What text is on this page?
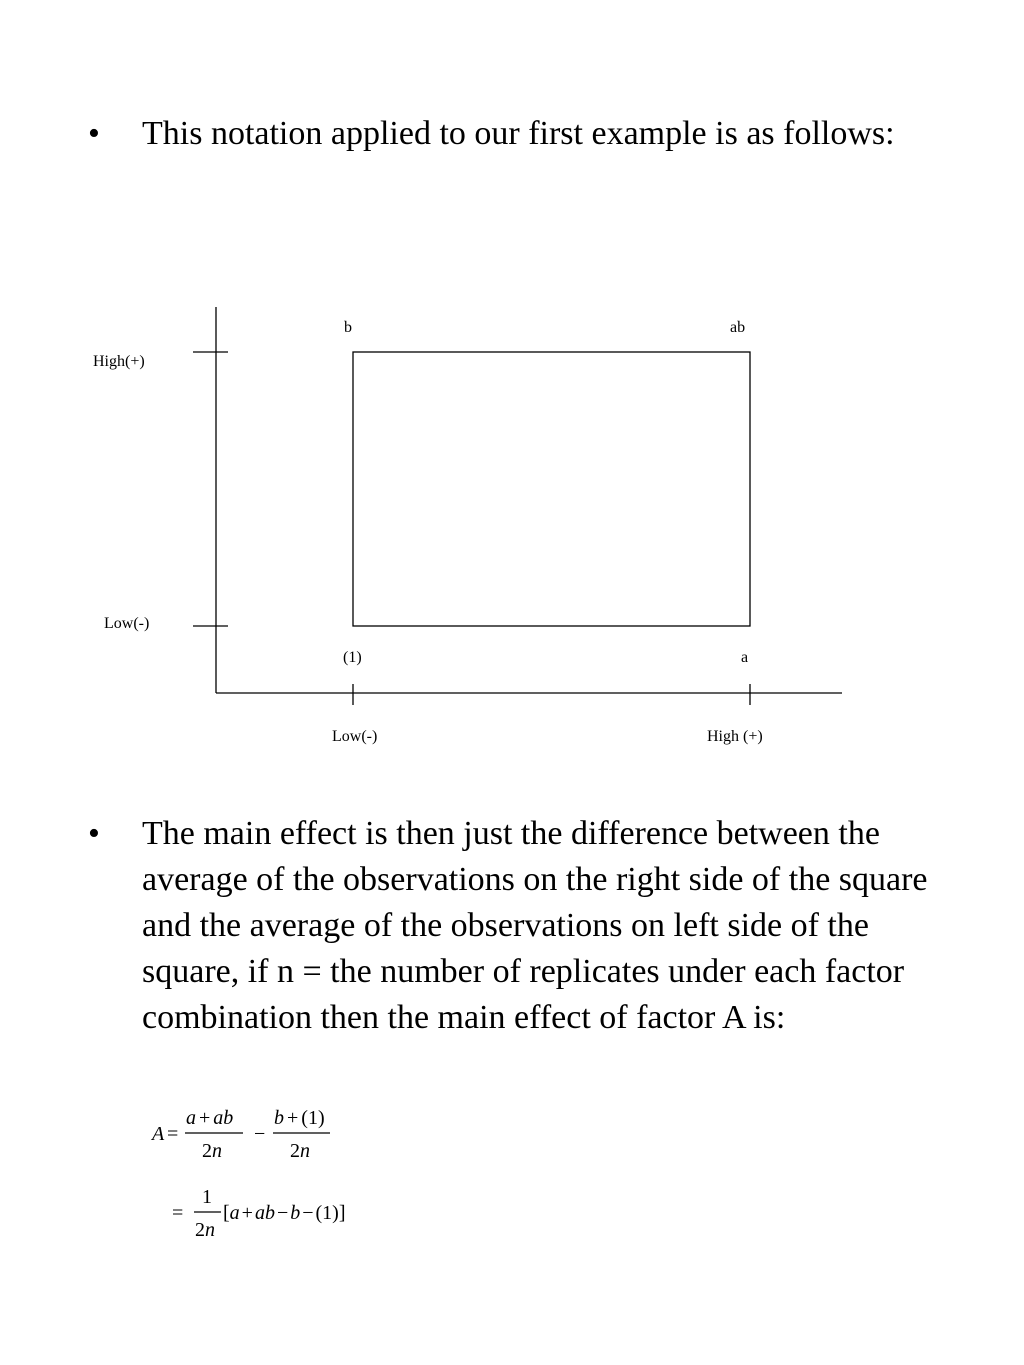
• This notation applied to our first example is as follows:
High(+)
Low(-)
Low(-)	High (+)
b	ab
(1)	a
A =
a + ab
2n
−
b + (1)
2n
=
1
2n
[a + ab − b − (1)]
• The main effect is then just the difference between the average of the observations on the right side of the square and the average of the observations on left side of the square, if n = the number of replicates under each factor combination then the main effect of factor A is:
